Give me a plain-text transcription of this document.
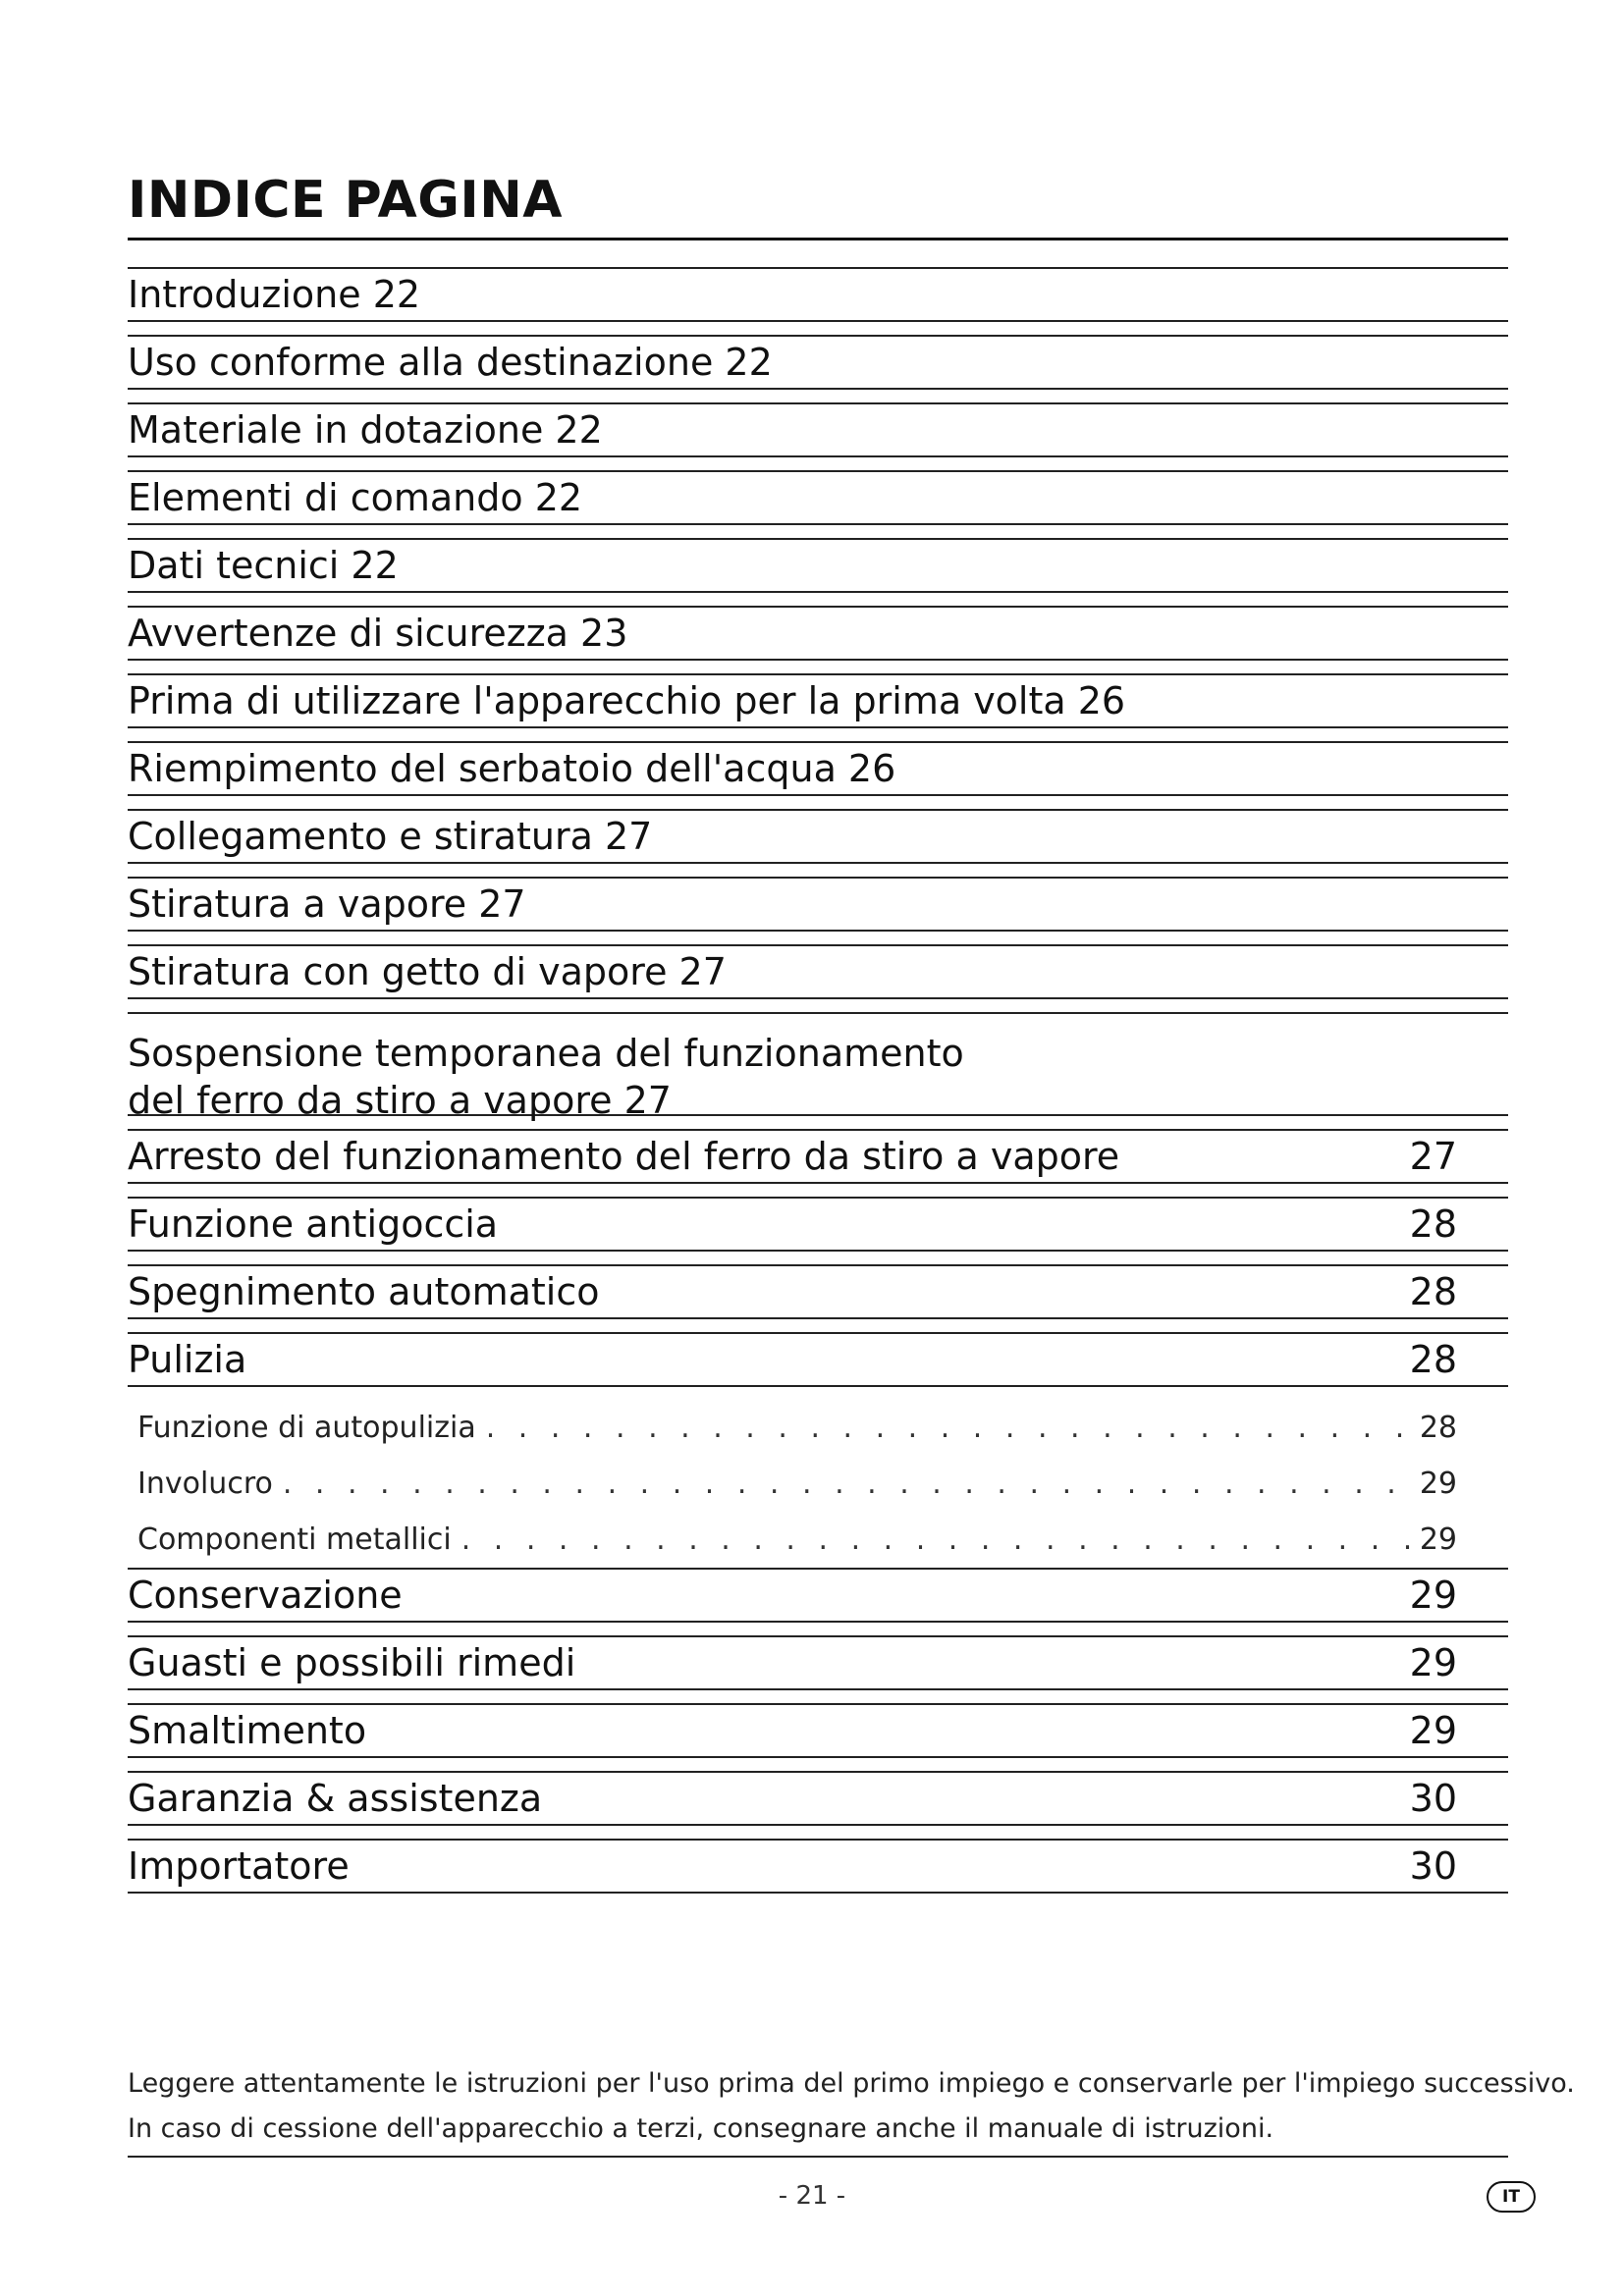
INDICE PAGINA
Introduzione 22
Uso conforme alla destinazione 22
Materiale in dotazione 22
Elementi di comando 22
Dati tecnici 22
Avvertenze di sicurezza 23
Prima di utilizzare l'apparecchio per la prima volta 26
Riempimento del serbatoio dell'acqua 26
Collegamento e stiratura 27
Stiratura a vapore 27
Stiratura con getto di vapore 27
Sospensione temporanea del funzionamento
del ferro da stiro a vapore 27
Arresto del funzionamento del ferro da stiro a vapore	27
Funzione antigoccia	28
Spegnimento automatico	28
Pulizia	28
Funzione di autopulizia . . .	28
Involucro . . .	29
Componenti metallici . . .	29
Conservazione	29
Guasti e possibili rimedi	29
Smaltimento	29
Garanzia & assistenza	30
Importatore	30

Leggere attentamente le istruzioni per l'uso prima del primo impiego e conservarle per l'impiego successivo.

In caso di cessione dell'apparecchio a terzi, consegnare anche il manuale di istruzioni.

- 21 -	IT
